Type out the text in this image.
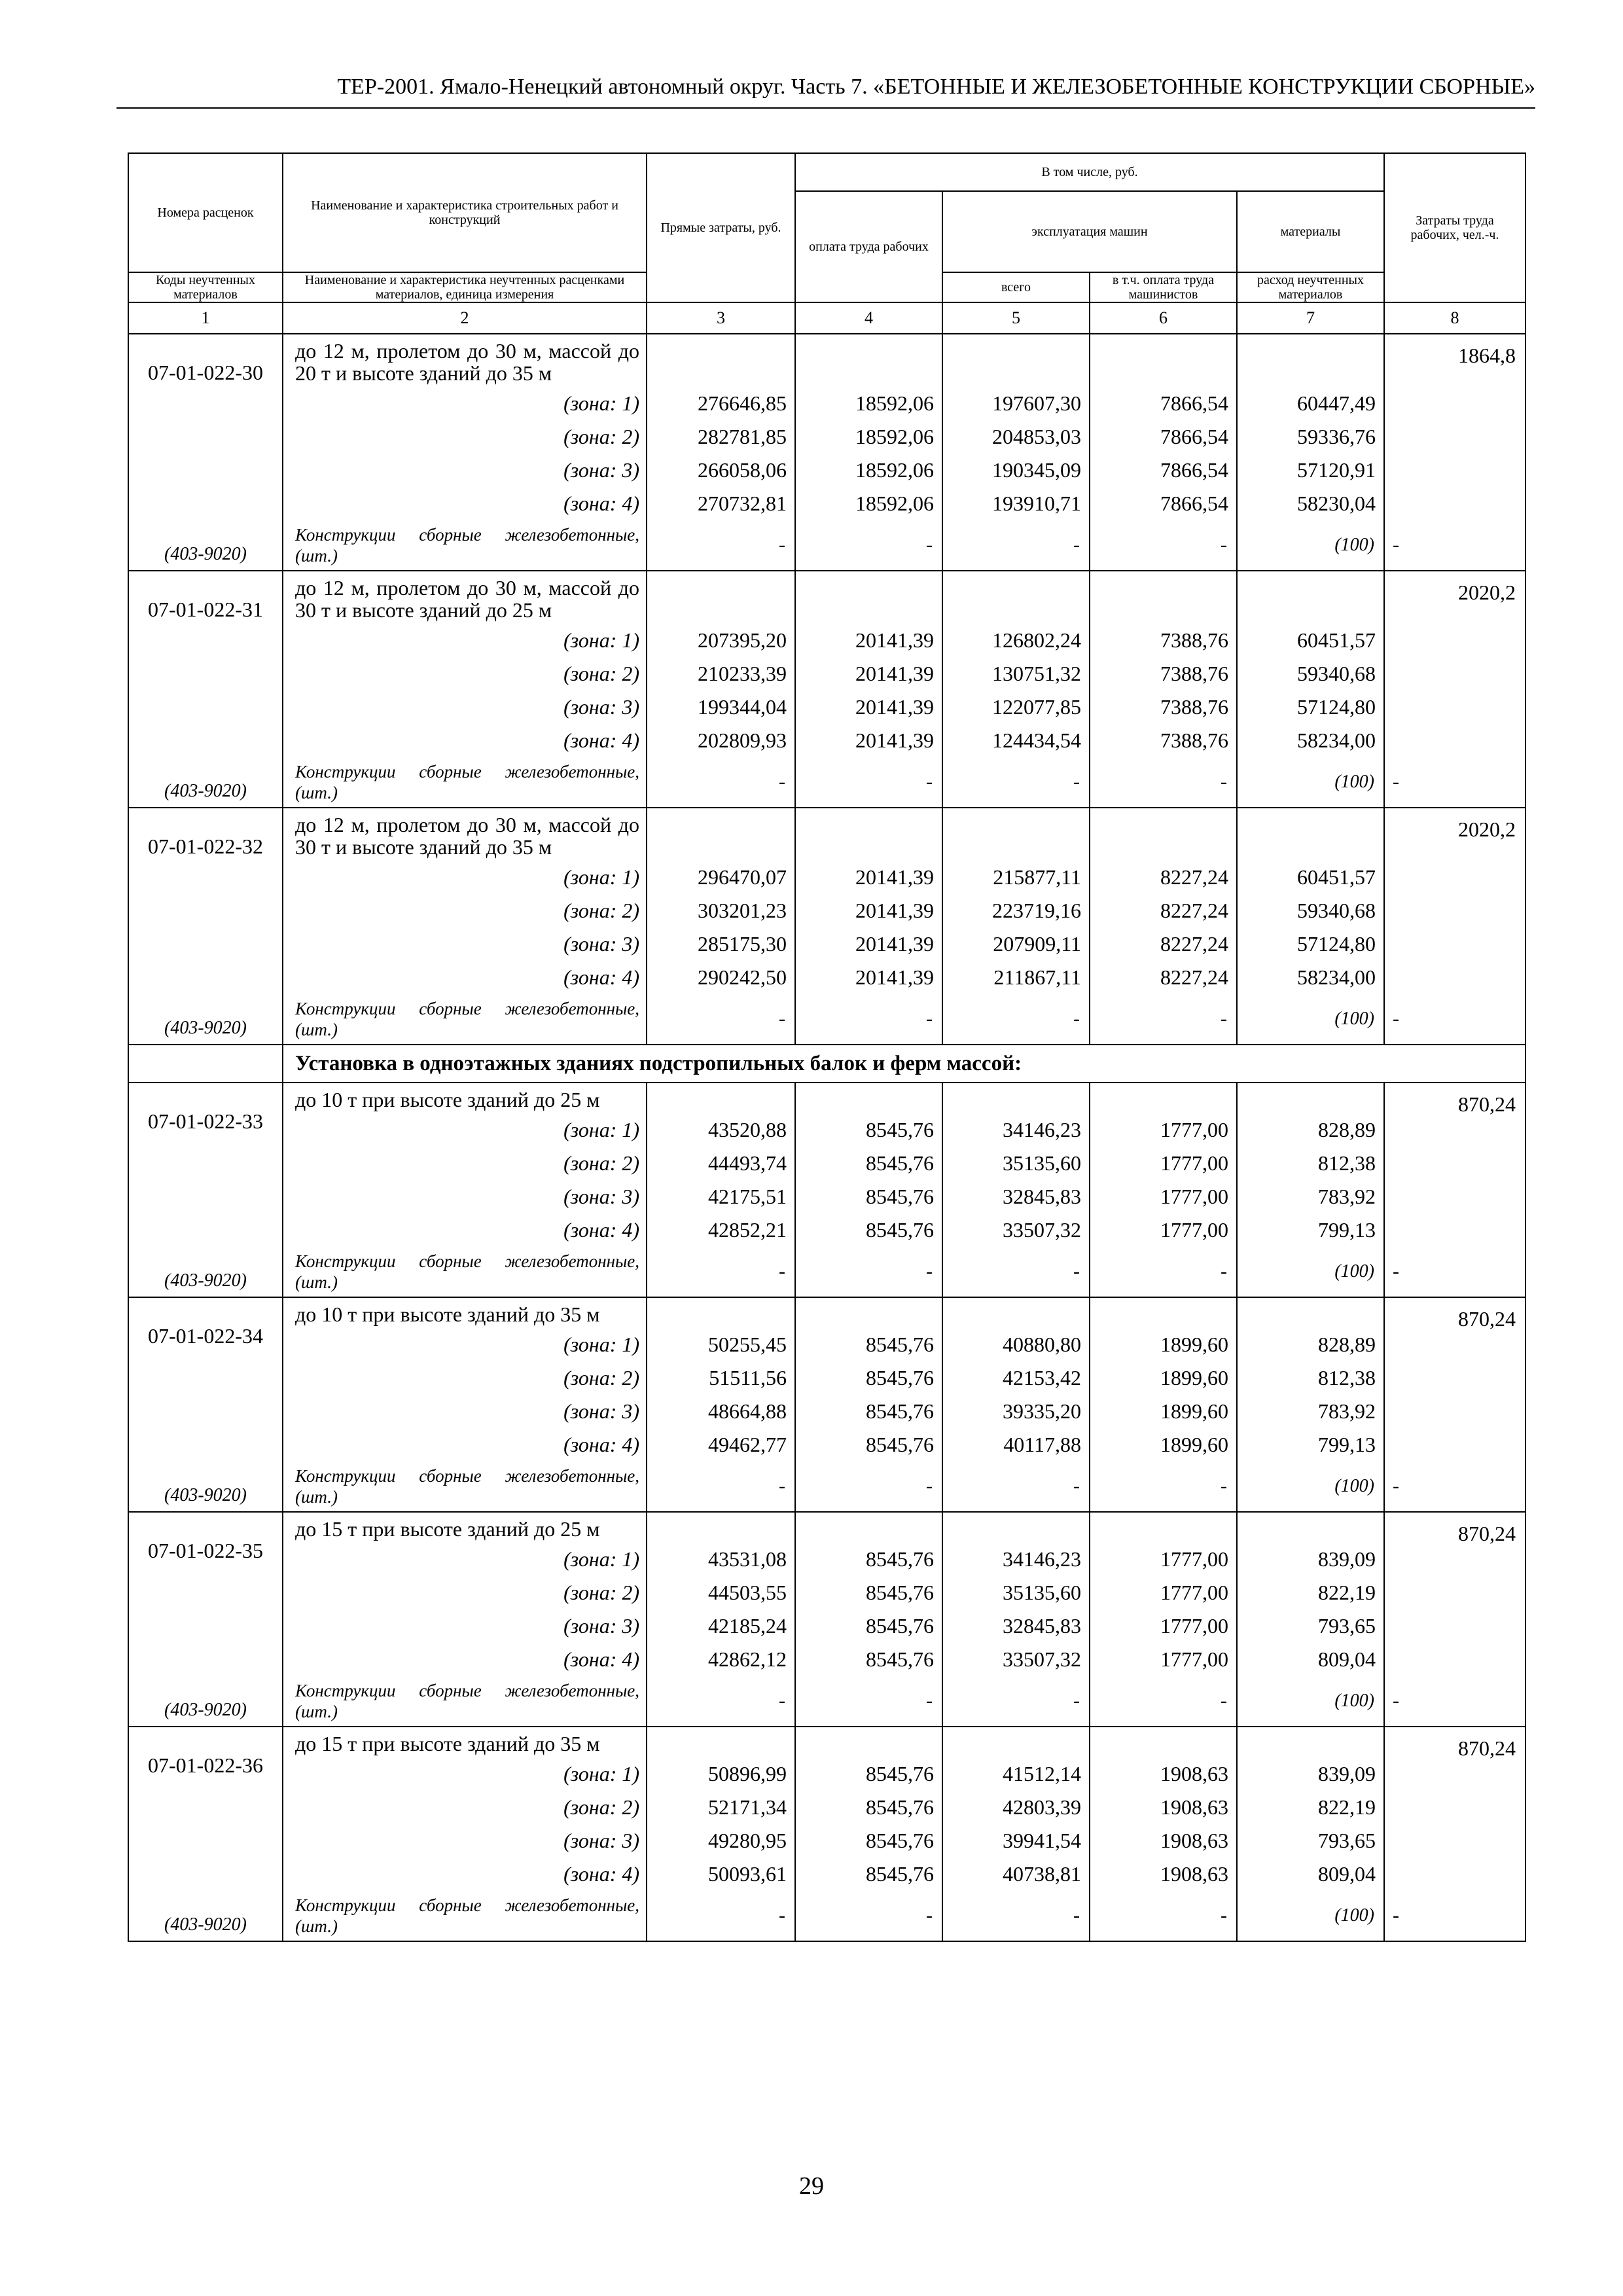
ТЕР-2001. Ямало-Ненецкий автономный округ. Часть 7. «БЕТОННЫЕ И ЖЕЛЕЗОБЕТОННЫЕ КОНСТРУКЦИИ СБОРНЫЕ»
Номера расценок	Наименование и характеристика строительных работ и конструкций	Прямые затраты, руб.	В том числе, руб.				Затраты труда рабочих, чел.-ч.
			оплата труда рабочих	эксплуатация машин		материалы	
Коды неучтенных материалов	Наименование и характеристика неучтенных расценками материалов, единица измерения			всего	в т.ч. оплата труда машинистов	расход неучтенных материалов	

1	2	3	4	5	6	7	8
07-01-022-30	до 12 м, пролетом до 30 м, массой до 20 т и высоте зданий до 35 м						1864,8
	(зона: 1)	276646,85	18592,06	197607,30	7866,54	60447,49	
	(зона: 2)	282781,85	18592,06	204853,03	7866,54	59336,76	
	(зона: 3)	266058,06	18592,06	190345,09	7866,54	57120,91	
	(зона: 4)	270732,81	18592,06	193910,71	7866,54	58230,04	
(403-9020)	Конструкции сборные железобетонные, (шт.)	-	-	-	-	(100)	-
07-01-022-31	до 12 м, пролетом до 30 м, массой до 30 т и высоте зданий до 25 м						2020,2
	(зона: 1)	207395,20	20141,39	126802,24	7388,76	60451,57	
	(зона: 2)	210233,39	20141,39	130751,32	7388,76	59340,68	
	(зона: 3)	199344,04	20141,39	122077,85	7388,76	57124,80	
	(зона: 4)	202809,93	20141,39	124434,54	7388,76	58234,00	
(403-9020)	Конструкции сборные железобетонные, (шт.)	-	-	-	-	(100)	-
07-01-022-32	до 12 м, пролетом до 30 м, массой до 30 т и высоте зданий до 35 м						2020,2
	(зона: 1)	296470,07	20141,39	215877,11	8227,24	60451,57	
	(зона: 2)	303201,23	20141,39	223719,16	8227,24	59340,68	
	(зона: 3)	285175,30	20141,39	207909,11	8227,24	57124,80	
	(зона: 4)	290242,50	20141,39	211867,11	8227,24	58234,00	
(403-9020)	Конструкции сборные железобетонные, (шт.)	-	-	-	-	(100)	-
	Установка в одноэтажных зданиях подстропильных балок и ферм массой:						
07-01-022-33	до 10 т при высоте зданий до 25 м						870,24
	(зона: 1)	43520,88	8545,76	34146,23	1777,00	828,89	
	(зона: 2)	44493,74	8545,76	35135,60	1777,00	812,38	
	(зона: 3)	42175,51	8545,76	32845,83	1777,00	783,92	
	(зона: 4)	42852,21	8545,76	33507,32	1777,00	799,13	
(403-9020)	Конструкции сборные железобетонные, (шт.)	-	-	-	-	(100)	-
07-01-022-34	до 10 т при высоте зданий до 35 м						870,24
	(зона: 1)	50255,45	8545,76	40880,80	1899,60	828,89	
	(зона: 2)	51511,56	8545,76	42153,42	1899,60	812,38	
	(зона: 3)	48664,88	8545,76	39335,20	1899,60	783,92	
	(зона: 4)	49462,77	8545,76	40117,88	1899,60	799,13	
(403-9020)	Конструкции сборные железобетонные, (шт.)	-	-	-	-	(100)	-
07-01-022-35	до 15 т при высоте зданий до 25 м						870,24
	(зона: 1)	43531,08	8545,76	34146,23	1777,00	839,09	
	(зона: 2)	44503,55	8545,76	35135,60	1777,00	822,19	
	(зона: 3)	42185,24	8545,76	32845,83	1777,00	793,65	
	(зона: 4)	42862,12	8545,76	33507,32	1777,00	809,04	
(403-9020)	Конструкции сборные железобетонные, (шт.)	-	-	-	-	(100)	-
07-01-022-36	до 15 т при высоте зданий до 35 м						870,24
	(зона: 1)	50896,99	8545,76	41512,14	1908,63	839,09	
	(зона: 2)	52171,34	8545,76	42803,39	1908,63	822,19	
	(зона: 3)	49280,95	8545,76	39941,54	1908,63	793,65	
	(зона: 4)	50093,61	8545,76	40738,81	1908,63	809,04	
(403-9020)	Конструкции сборные железобетонные, (шт.)	-	-	-	-	(100)	-
29
